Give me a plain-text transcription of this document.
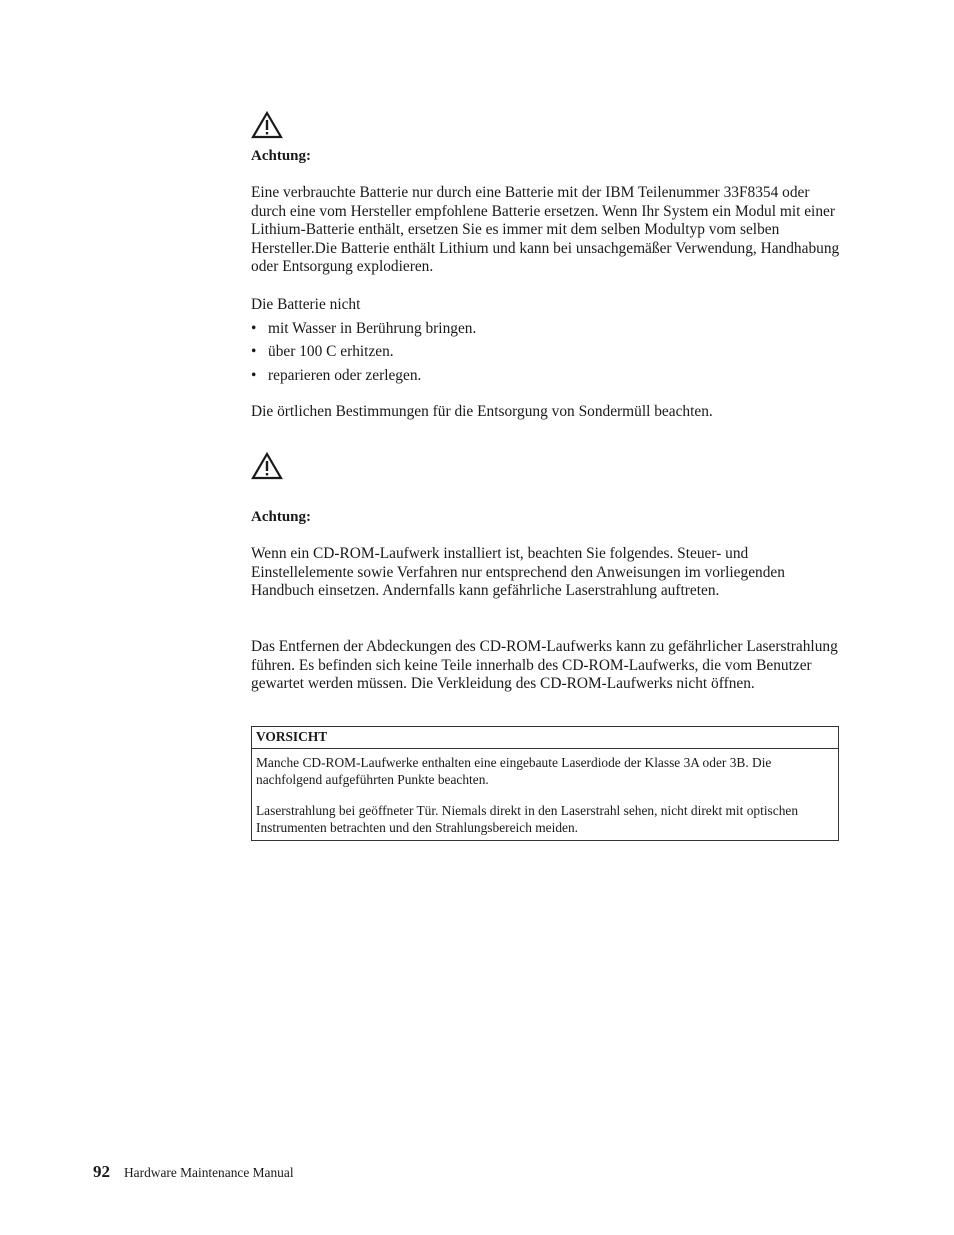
Achtung:

Eine verbrauchte Batterie nur durch eine Batterie mit der IBM Teilenummer 33F8354 oder durch eine vom Hersteller empfohlene Batterie ersetzen. Wenn Ihr System ein Modul mit einer Lithium-Batterie enthält, ersetzen Sie es immer mit dem selben Modultyp vom selben Hersteller.Die Batterie enthält Lithium und kann bei unsachgemäßer Verwendung, Handhabung oder Entsorgung explodieren.

Die Batterie nicht

• mit Wasser in Berührung bringen.
• über 100 C erhitzen.
• reparieren oder zerlegen.

Die örtlichen Bestimmungen für die Entsorgung von Sondermüll beachten.

Achtung:

Wenn ein CD-ROM-Laufwerk installiert ist, beachten Sie folgendes. Steuer- und Einstellelemente sowie Verfahren nur entsprechend den Anweisungen im vorliegenden Handbuch einsetzen. Andernfalls kann gefährliche Laserstrahlung auftreten.

Das Entfernen der Abdeckungen des CD-ROM-Laufwerks kann zu gefährlicher Laserstrahlung führen. Es befinden sich keine Teile innerhalb des CD-ROM-Laufwerks, die vom Benutzer gewartet werden müssen. Die Verkleidung des CD-ROM-Laufwerks nicht öffnen.

VORSICHT

Manche CD-ROM-Laufwerke enthalten eine eingebaute Laserdiode der Klasse 3A oder 3B. Die nachfolgend aufgeführten Punkte beachten.

Laserstrahlung bei geöffneter Tür. Niemals direkt in den Laserstrahl sehen, nicht direkt mit optischen Instrumenten betrachten und den Strahlungsbereich meiden.

92 Hardware Maintenance Manual
